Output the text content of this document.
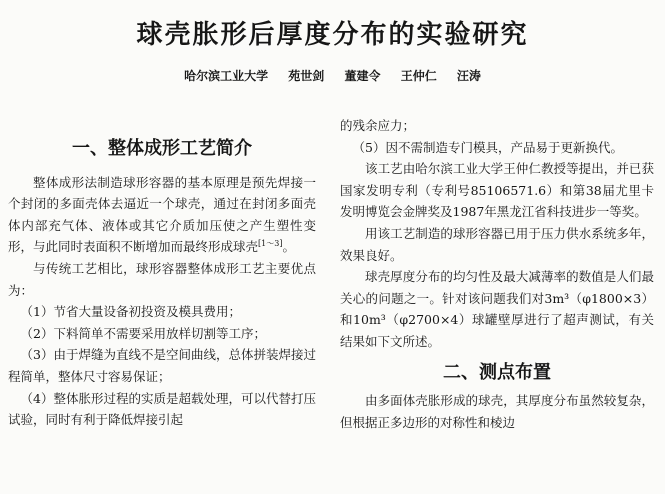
球壳胀形后厚度分布的实验研究
哈尔滨工业大学 苑世剑 董建令 王仲仁 汪涛
一、整体成形工艺简介

整体成形法制造球形容器的基本原理是预先焊接一个封闭的多面壳体去逼近一个球壳，通过在封闭多面壳体内部充气体、液体或其它介质加压使之产生塑性变形，与此同时表面积不断增加而最终形成球壳[1～3]。

与传统工艺相比，球形容器整体成形工艺主要优点为：

（1）节省大量设备初投资及模具费用；

（2）下料简单不需要采用放样切割等工序；

（3）由于焊缝为直线不是空间曲线，总体拼装焊接过程简单，整体尺寸容易保证；

（4）整体胀形过程的实质是超载处理，可以代替打压试验，同时有利于降低焊接引起

的残余应力；

（5）因不需制造专门模具，产品易于更新换代。

该工艺由哈尔滨工业大学王仲仁教授等提出，并已获国家发明专利（专利号85106571.6）和第38届尤里卡发明博览会金牌奖及1987年黑龙江省科技进步一等奖。

用该工艺制造的球形容器已用于压力供水系统多年，效果良好。

球壳厚度分布的均匀性及最大减薄率的数值是人们最关心的问题之一。针对该问题我们对3m³（φ1800×3）和10m³（φ2700×4）球罐壁厚进行了超声测试，有关结果如下文所述。

二、测点布置

由多面体壳胀形成的球壳，其厚度分布虽然较复杂，但根据正多边形的对称性和棱边
